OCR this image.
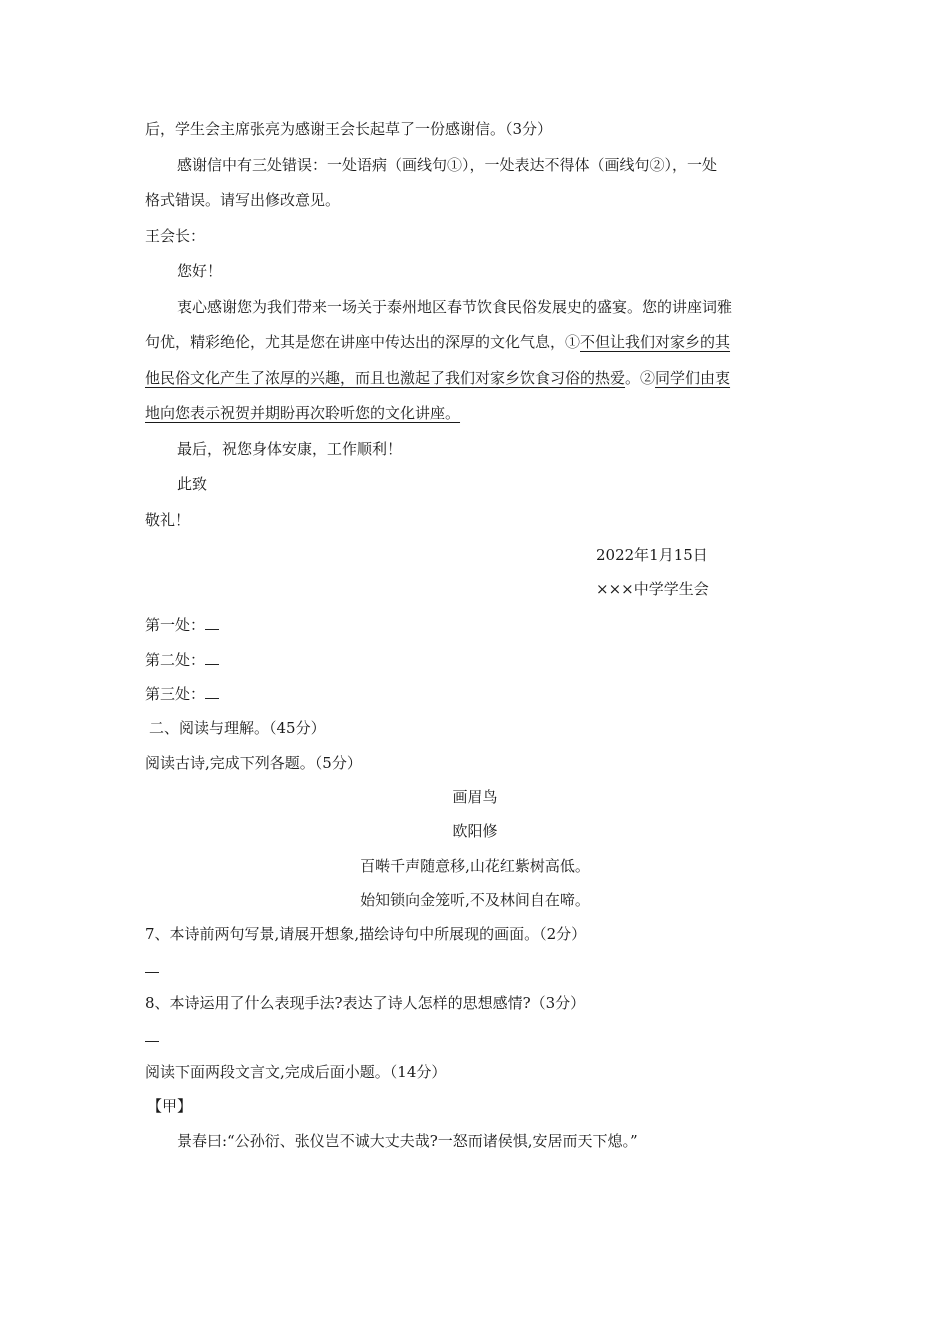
后，学生会主席张亮为感谢王会长起草了一份感谢信。（3分）
感谢信中有三处错误：一处语病（画线句①），一处表达不得体（画线句②），一处
格式错误。请写出修改意见。
王会长：
您好！
衷心感谢您为我们带来一场关于泰州地区春节饮食民俗发展史的盛宴。您的讲座词雅
句优，精彩绝伦，尤其是您在讲座中传达出的深厚的文化气息，①不但让我们对家乡的其
他民俗文化产生了浓厚的兴趣，而且也激起了我们对家乡饮食习俗的热爱。②同学们由衷
地向您表示祝贺并期盼再次聆听您的文化讲座。
最后，祝您身体安康，工作顺利！
此致
敬礼！
2022年1月15日
×××中学学生会
第一处：
第二处：
第三处：
二、阅读与理解。（45分）
阅读古诗,完成下列各题。（5分）
画眉鸟
欧阳修
百啭千声随意移,山花红紫树高低。
始知锁向金笼听,不及林间自在啼。
7、本诗前两句写景,请展开想象,描绘诗句中所展现的画面。（2分）
8、本诗运用了什么表现手法?表达了诗人怎样的思想感情?（3分）
阅读下面两段文言文,完成后面小题。（14分）
【甲】
景春曰:“公孙衍、张仪岂不诚大丈夫哉?一怒而诸侯惧,安居而天下熄。”
